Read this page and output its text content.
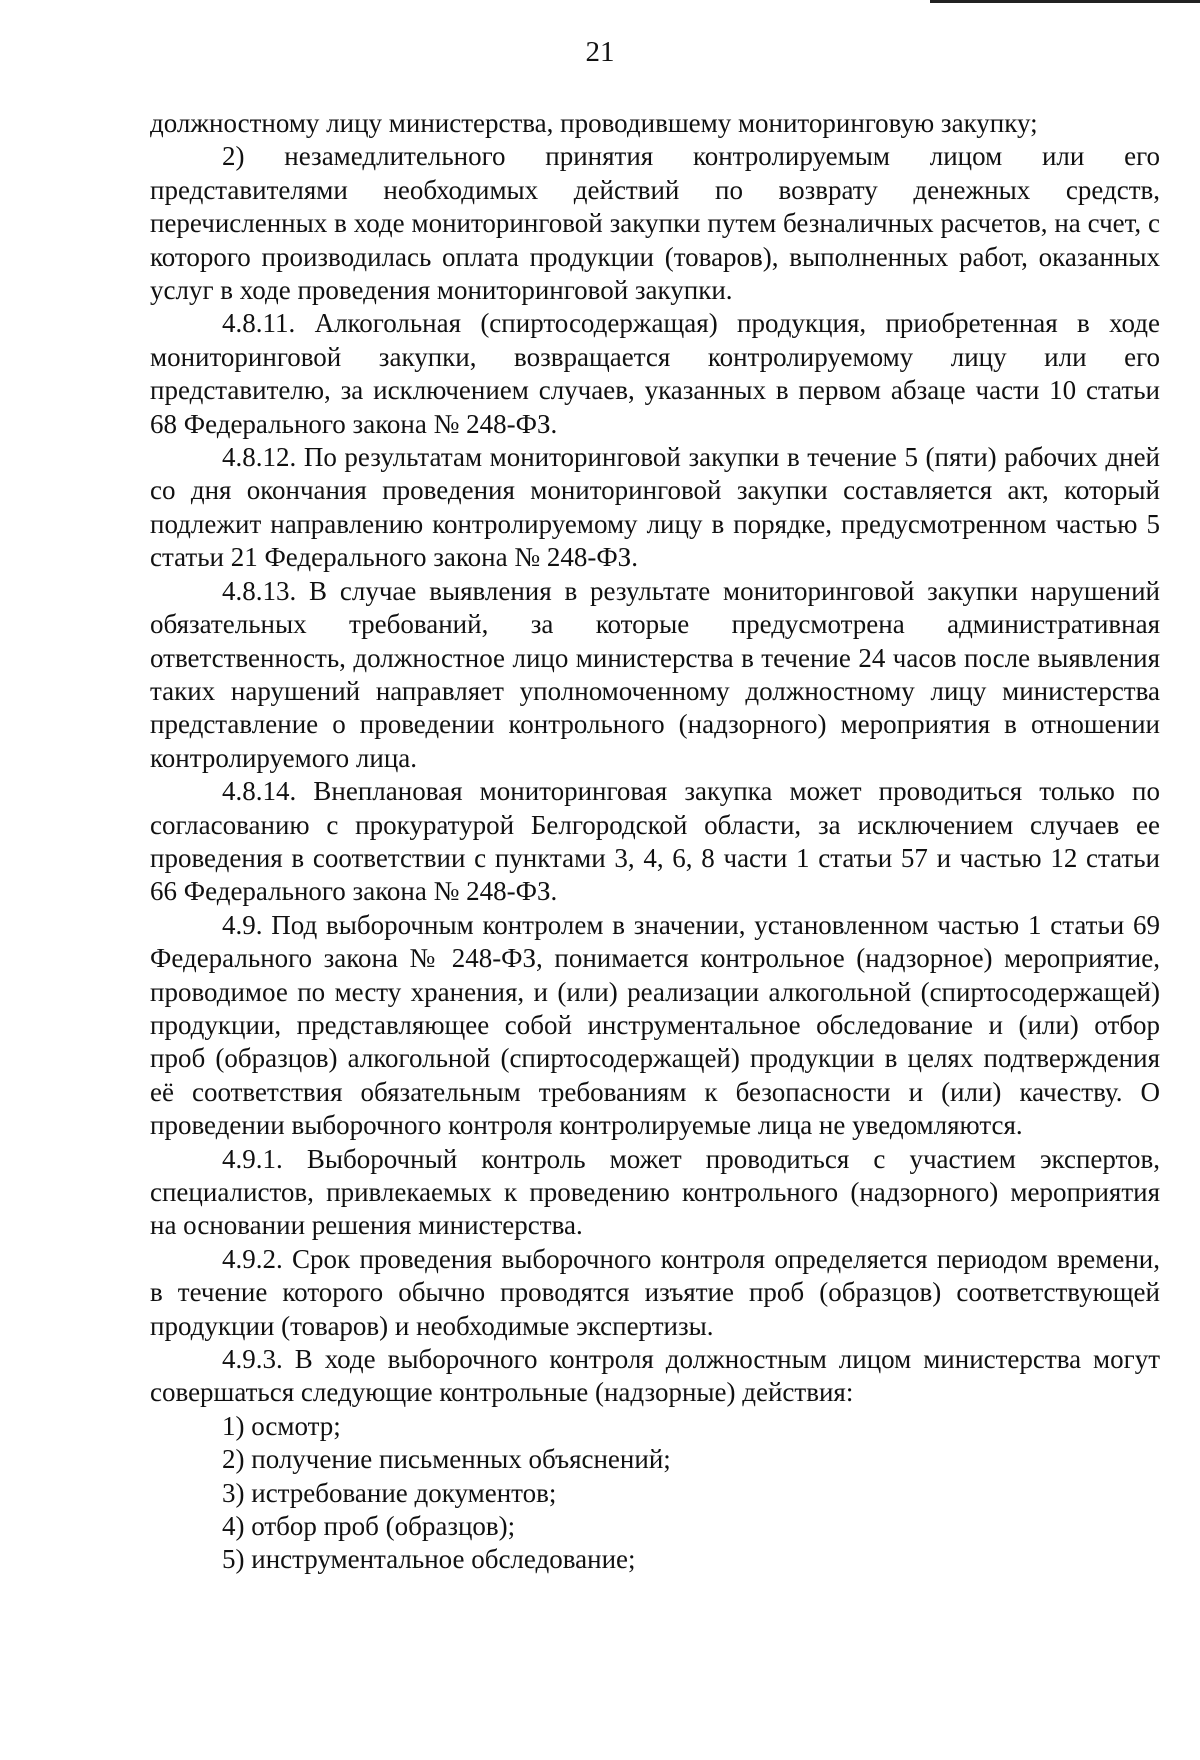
21

должностному лицу министерства, проводившему мониторинговую закупку;

2) незамедлительного принятия контролируемым лицом или его представителями необходимых действий по возврату денежных средств, перечисленных в ходе мониторинговой закупки путем безналичных расчетов, на счет, с которого производилась оплата продукции (товаров), выполненных работ, оказанных услуг в ходе проведения мониторинговой закупки.

4.8.11. Алкогольная (спиртосодержащая) продукция, приобретенная в ходе мониторинговой закупки, возвращается контролируемому лицу или его представителю, за исключением случаев, указанных в первом абзаце части 10 статьи 68 Федерального закона № 248-ФЗ.

4.8.12. По результатам мониторинговой закупки в течение 5 (пяти) рабочих дней со дня окончания проведения мониторинговой закупки составляется акт, который подлежит направлению контролируемому лицу в порядке, предусмотренном частью 5 статьи 21 Федерального закона № 248-ФЗ.

4.8.13. В случае выявления в результате мониторинговой закупки нарушений обязательных требований, за которые предусмотрена административная ответственность, должностное лицо министерства в течение 24 часов после выявления таких нарушений направляет уполномоченному должностному лицу министерства представление о проведении контрольного (надзорного) мероприятия в отношении контролируемого лица.

4.8.14. Внеплановая мониторинговая закупка может проводиться только по согласованию с прокуратурой Белгородской области, за исключением случаев ее проведения в соответствии с пунктами 3, 4, 6, 8 части 1 статьи 57 и частью 12 статьи 66 Федерального закона № 248-ФЗ.

4.9. Под выборочным контролем в значении, установленном частью 1 статьи 69 Федерального закона № 248-ФЗ, понимается контрольное (надзорное) мероприятие, проводимое по месту хранения, и (или) реализации алкогольной (спиртосодержащей) продукции, представляющее собой инструментальное обследование и (или) отбор проб (образцов) алкогольной (спиртосодержащей) продукции в целях подтверждения её соответствия обязательным требованиям к безопасности и (или) качеству. О проведении выборочного контроля контролируемые лица не уведомляются.

4.9.1. Выборочный контроль может проводиться с участием экспертов, специалистов, привлекаемых к проведению контрольного (надзорного) мероприятия на основании решения министерства.

4.9.2. Срок проведения выборочного контроля определяется периодом времени, в течение которого обычно проводятся изъятие проб (образцов) соответствующей продукции (товаров) и необходимые экспертизы.

4.9.3. В ходе выборочного контроля должностным лицом министерства могут совершаться следующие контрольные (надзорные) действия:

1) осмотр;

2) получение письменных объяснений;

3) истребование документов;

4) отбор проб (образцов);

5) инструментальное обследование;
